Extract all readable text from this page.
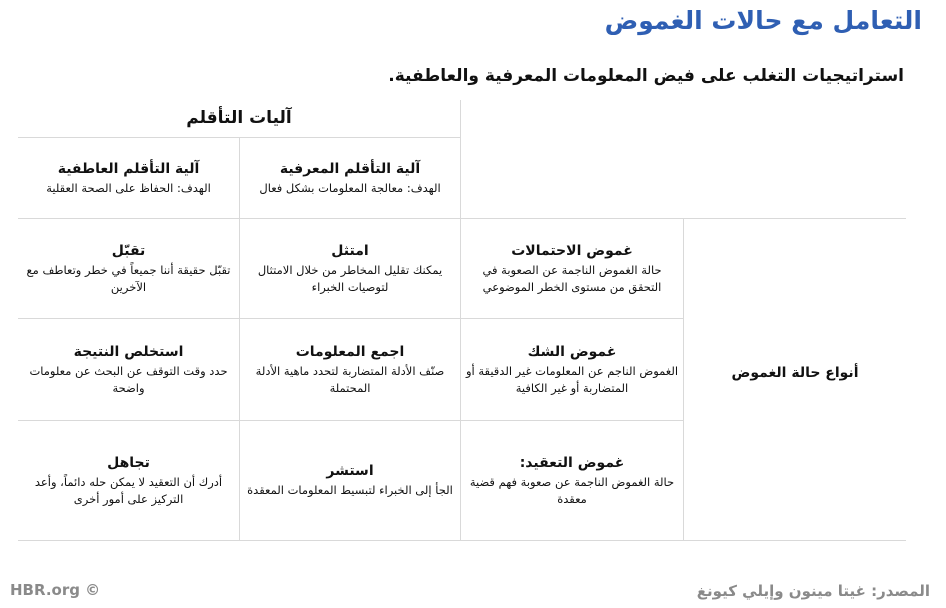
التعامل مع حالات الغموض
استراتيجيات التغلب على فيض المعلومات المعرفية والعاطفية.
آليات التأقلم
آلية التأقلم المعرفية
الهدف: معالجة المعلومات بشكل فعال
آلية التأقلم العاطفية
الهدف: الحفاظ على الصحة العقلية
أنواع حالة الغموض
غموض الاحتمالات
حالة الغموض الناجمة عن الصعوبة في التحقق من مستوى الخطر الموضوعي
امتثل
يمكنك تقليل المخاطر من خلال الامتثال لتوصيات الخبراء
تقبّل
تقبّل حقيقة أننا جميعاً في خطر وتعاطف مع الآخرين
غموض الشك
الغموض الناجم عن المعلومات غير الدقيقة أو المتضاربة أو غير الكافية
اجمع المعلومات
صنّف الأدلة المتضاربة لتحدد ماهية الأدلة المحتملة
استخلص النتيجة
حدد وقت التوقف عن البحث عن معلومات واضحة
غموض التعقيد:
حالة الغموض الناجمة عن صعوبة فهم قضية معقدة
استشر
الجأ إلى الخبراء لتبسيط المعلومات المعقدة
تجاهل
أدرك أن التعقيد لا يمكن حله دائماً، وأعد التركيز على أمور أخرى
المصدر: غيتا مينون وإيلي كيونغ
HBR.org ©
